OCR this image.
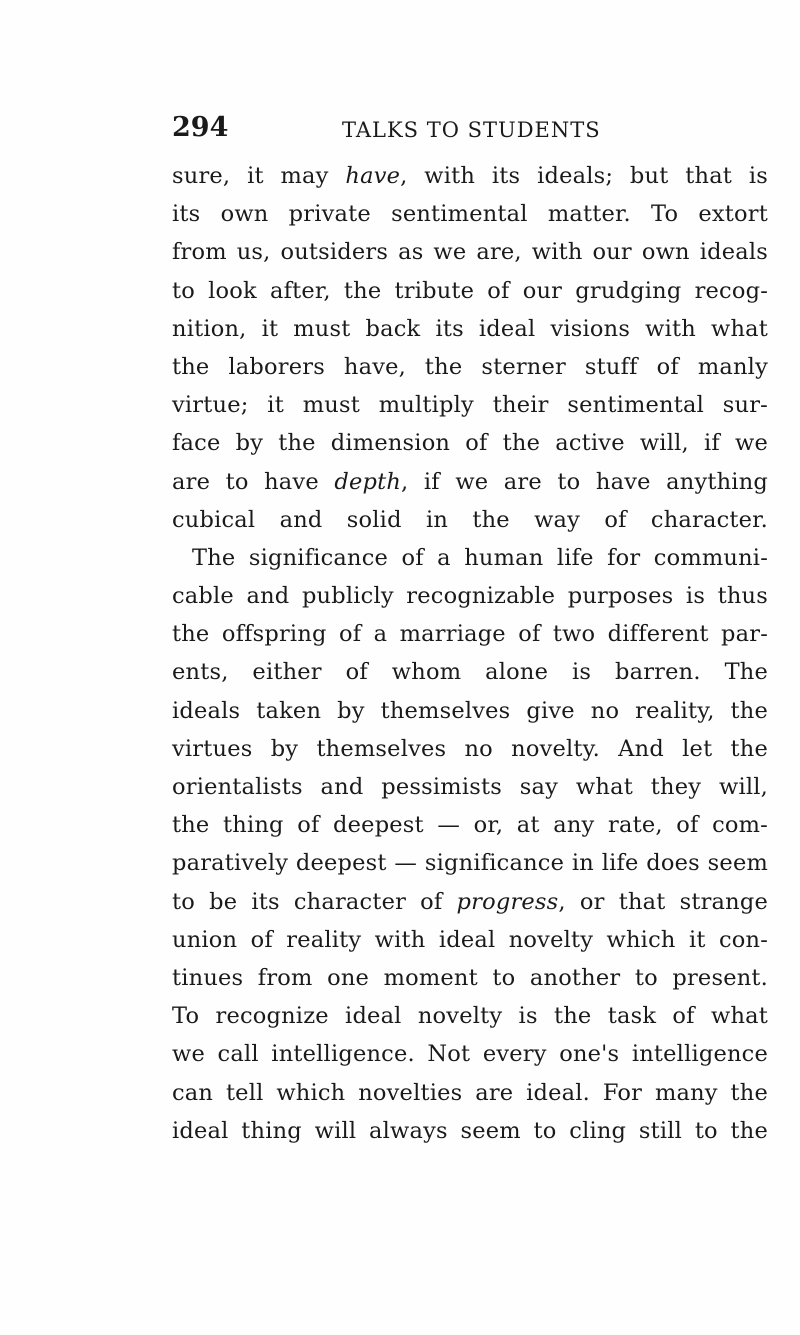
294	TALKS TO STUDENTS
sure, it may have, with its ideals; but that is
its own private sentimental matter. To extort
from us, outsiders as we are, with our own ideals
to look after, the tribute of our grudging recog-
nition, it must back its ideal visions with what
the laborers have, the sterner stuff of manly
virtue; it must multiply their sentimental sur-
face by the dimension of the active will, if we
are to have depth, if we are to have anything
cubical and solid in the way of character.
The significance of a human life for communi-
cable and publicly recognizable purposes is thus
the offspring of a marriage of two different par-
ents, either of whom alone is barren. The
ideals taken by themselves give no reality, the
virtues by themselves no novelty. And let the
orientalists and pessimists say what they will,
the thing of deepest — or, at any rate, of com-
paratively deepest — significance in life does seem
to be its character of progress, or that strange
union of reality with ideal novelty which it con-
tinues from one moment to another to present.
To recognize ideal novelty is the task of what
we call intelligence. Not every one's intelligence
can tell which novelties are ideal. For many the
ideal thing will always seem to cling still to the
